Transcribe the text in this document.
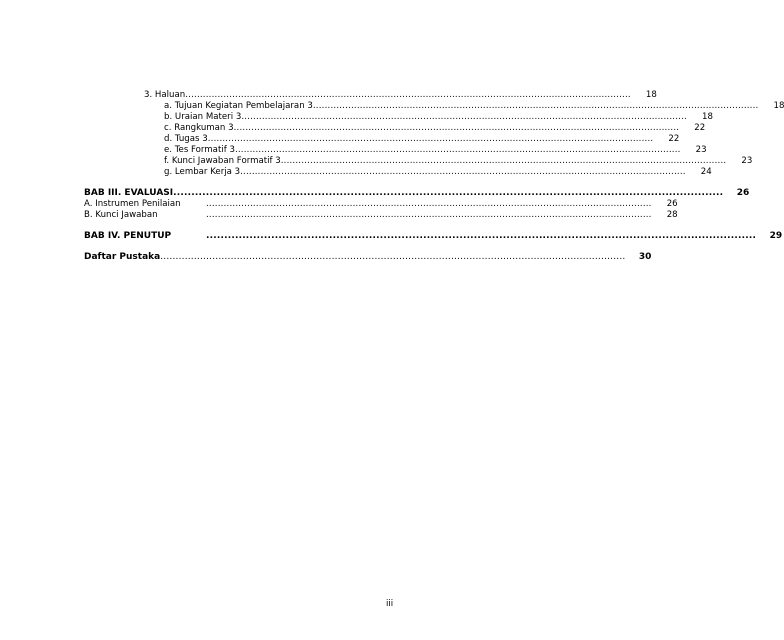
3. Haluan ........................................................................................................................................................	18
a. Tujuan Kegiatan Pembelajaran 3 ........................................................................................................................................................	18
b. Uraian Materi 3 ........................................................................................................................................................	18
c. Rangkuman 3 ........................................................................................................................................................	22
d. Tugas 3 ........................................................................................................................................................	22
e. Tes Formatif 3 ........................................................................................................................................................	23
f. Kunci Jawaban Formatif 3 ........................................................................................................................................................	23
g. Lembar Kerja 3 ........................................................................................................................................................	24
BAB III. EVALUASI ........................................................................................................................................................	26
A. Instrumen Penilaian	........................................................................................................................................................	26
B. Kunci Jawaban	........................................................................................................................................................	28
BAB IV. PENUTUP	........................................................................................................................................................	29
Daftar Pustaka ........................................................................................................................................................	30
iii
